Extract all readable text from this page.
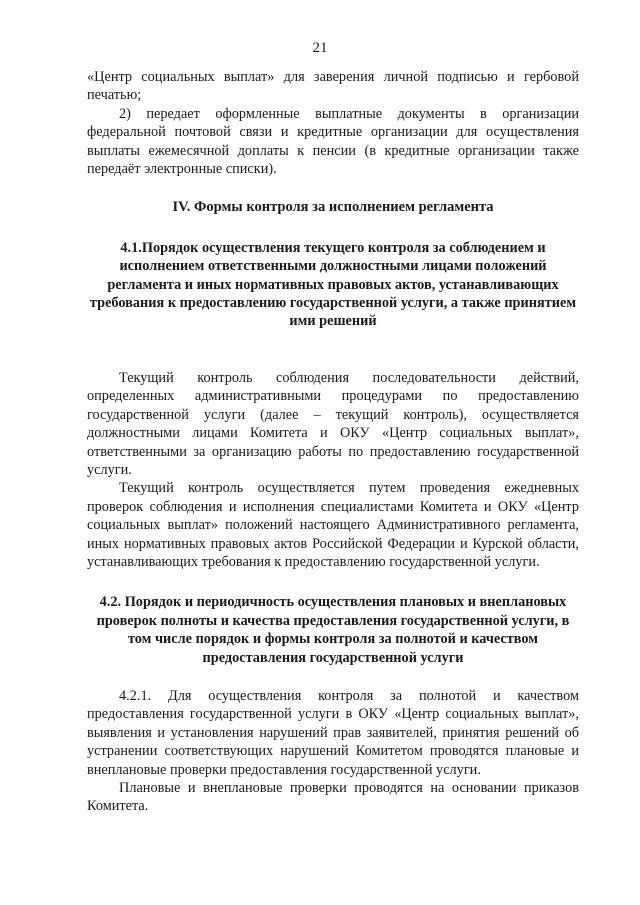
21

«Центр социальных выплат» для заверения личной подписью и гербовой печатью;

2) передает оформленные выплатные документы в организации федеральной почтовой связи и кредитные организации для осуществления выплаты ежемесячной доплаты к пенсии (в кредитные организации также передаёт электронные списки).

IV. Формы контроля за исполнением регламента
4.1.Порядок осуществления текущего контроля за соблюдением и исполнением ответственными должностными лицами положений регламента и иных нормативных правовых актов, устанавливающих требования к предоставлению государственной услуги, а также принятием ими решений

Текущий контроль соблюдения последовательности действий, определенных административными процедурами по предоставлению государственной услуги (далее – текущий контроль), осуществляется должностными лицами Комитета и ОКУ «Центр социальных выплат», ответственными за организацию работы по предоставлению государственной услуги.

Текущий контроль осуществляется путем проведения ежедневных проверок соблюдения и исполнения специалистами Комитета и ОКУ «Центр социальных выплат» положений настоящего Административного регламента, иных нормативных правовых актов Российской Федерации и Курской области, устанавливающих требования к предоставлению государственной услуги.

4.2. Порядок и периодичность осуществления плановых и внеплановых проверок полноты и качества предоставления государственной услуги, в том числе порядок и формы контроля за полнотой и качеством предоставления государственной услуги

4.2.1. Для осуществления контроля за полнотой и качеством предоставления государственной услуги в ОКУ «Центр социальных выплат», выявления и установления нарушений прав заявителей, принятия решений об устранении соответствующих нарушений Комитетом проводятся плановые и внеплановые проверки предоставления государственной услуги.

Плановые и внеплановые проверки проводятся на основании приказов Комитета.
